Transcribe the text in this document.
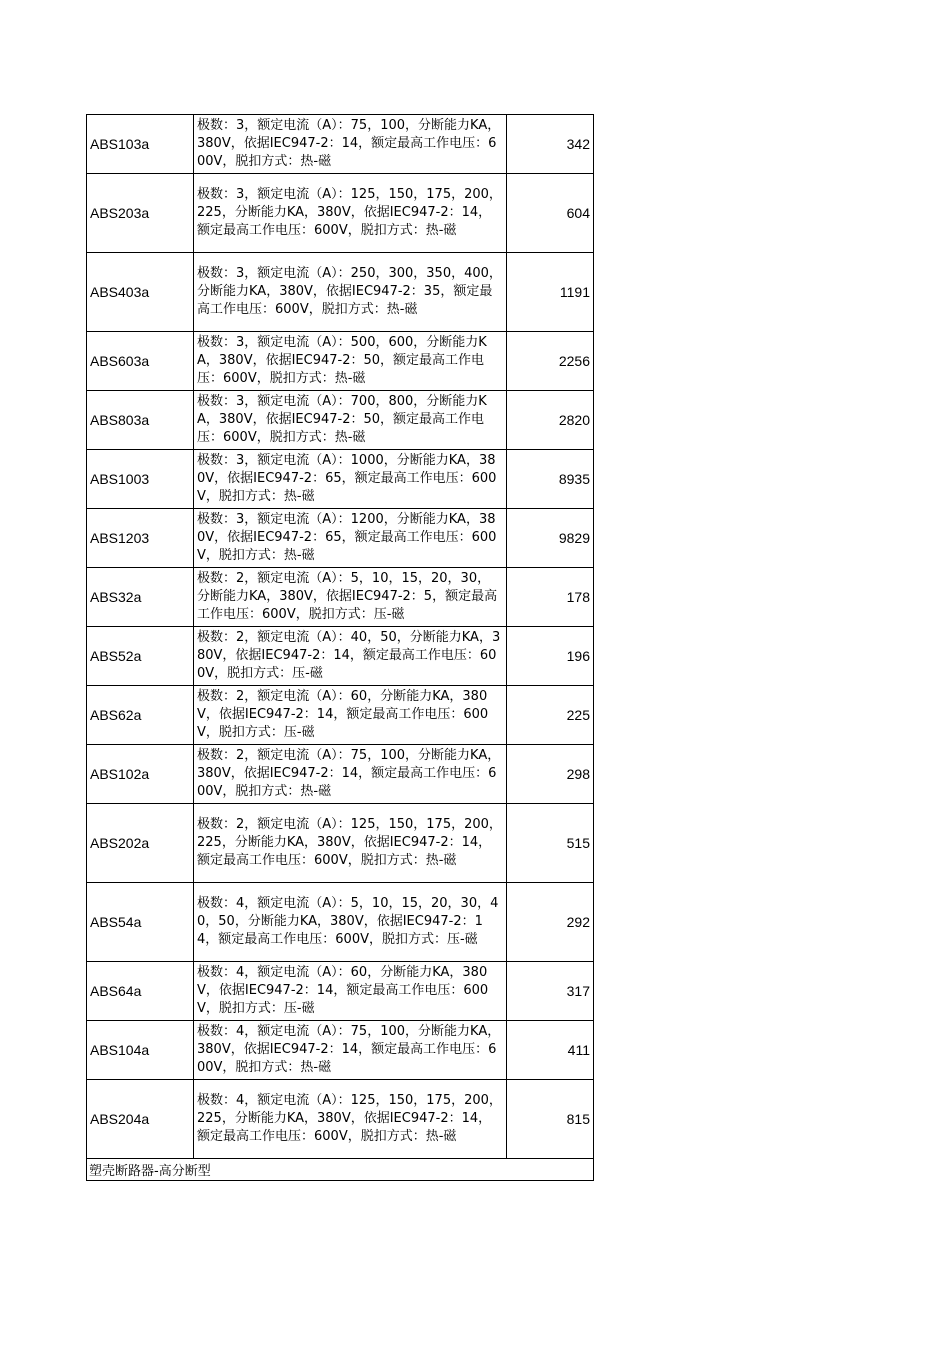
ABS103a	极数：3，额定电流（A）：75，100，分断能力KA，380V，依据IEC947-2：14，额定最高工作电压：600V，脱扣方式：热-磁	342
ABS203a	极数：3，额定电流（A）：125，150，175，200，225，分断能力KA，380V，依据IEC947-2：14，额定最高工作电压：600V，脱扣方式：热-磁	604
ABS403a	极数：3，额定电流（A）：250，300，350，400，分断能力KA，380V，依据IEC947-2：35，额定最高工作电压：600V，脱扣方式：热-磁	1191
ABS603a	极数：3，额定电流（A）：500，600，分断能力KA，380V，依据IEC947-2：50，额定最高工作电压：600V，脱扣方式：热-磁	2256
ABS803a	极数：3，额定电流（A）：700，800，分断能力KA，380V，依据IEC947-2：50，额定最高工作电压：600V，脱扣方式：热-磁	2820
ABS1003	极数：3，额定电流（A）：1000，分断能力KA，380V，依据IEC947-2：65，额定最高工作电压：600V，脱扣方式：热-磁	8935
ABS1203	极数：3，额定电流（A）：1200，分断能力KA，380V，依据IEC947-2：65，额定最高工作电压：600V，脱扣方式：热-磁	9829
ABS32a	极数：2，额定电流（A）：5，10，15，20，30，分断能力KA，380V，依据IEC947-2：5，额定最高工作电压：600V，脱扣方式：压-磁	178
ABS52a	极数：2，额定电流（A）：40，50，分断能力KA，380V，依据IEC947-2：14，额定最高工作电压：600V，脱扣方式：压-磁	196
ABS62a	极数：2，额定电流（A）：60，分断能力KA，380V，依据IEC947-2：14，额定最高工作电压：600V，脱扣方式：压-磁	225
ABS102a	极数：2，额定电流（A）：75，100，分断能力KA，380V，依据IEC947-2：14，额定最高工作电压：600V，脱扣方式：热-磁	298
ABS202a	极数：2，额定电流（A）：125，150，175，200，225，分断能力KA，380V，依据IEC947-2：14，额定最高工作电压：600V，脱扣方式：热-磁	515
ABS54a	极数：4，额定电流（A）：5，10，15，20，30，40，50，分断能力KA，380V，依据IEC947-2：14，额定最高工作电压：600V，脱扣方式：压-磁	292
ABS64a	极数：4，额定电流（A）：60，分断能力KA，380V，依据IEC947-2：14，额定最高工作电压：600V，脱扣方式：压-磁	317
ABS104a	极数：4，额定电流（A）：75，100，分断能力KA，380V，依据IEC947-2：14，额定最高工作电压：600V，脱扣方式：热-磁	411
ABS204a	极数：4，额定电流（A）：125，150，175，200，225，分断能力KA，380V，依据IEC947-2：14，额定最高工作电压：600V，脱扣方式：热-磁	815
塑壳断路器-高分断型		
